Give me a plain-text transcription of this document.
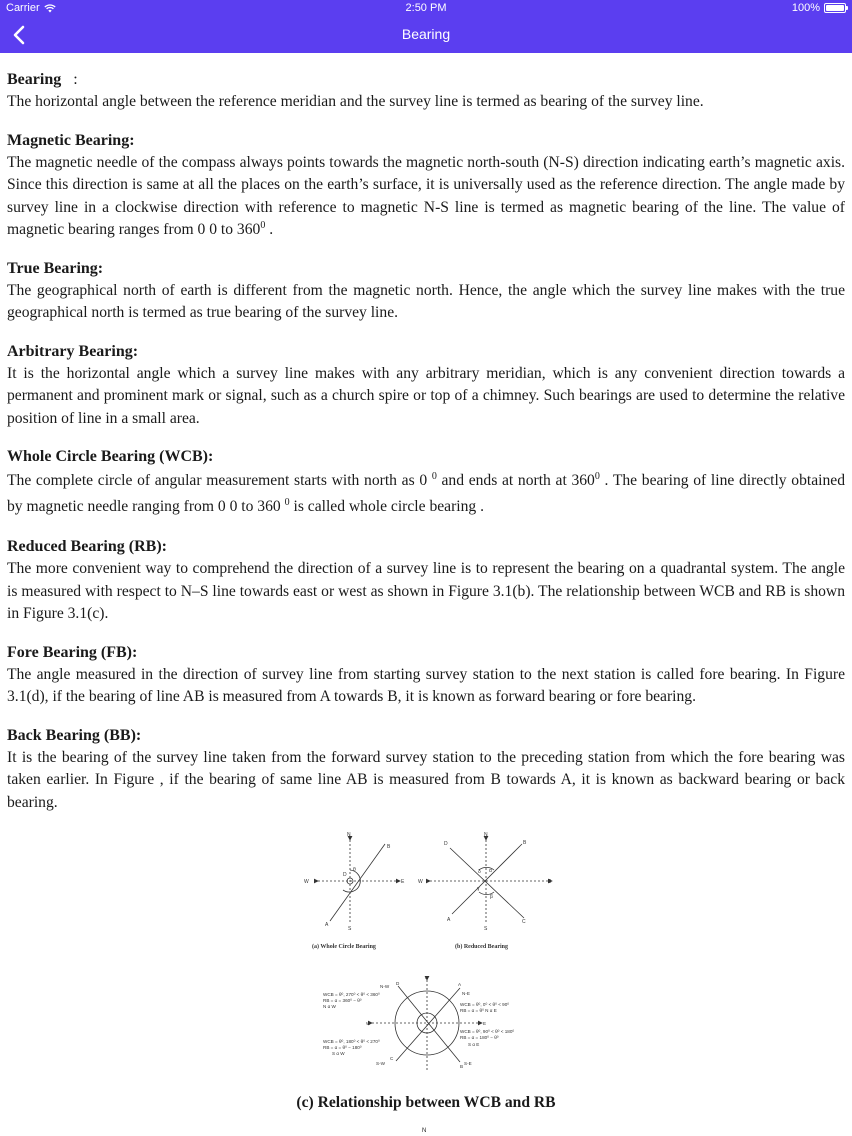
Carrier	2:50 PM	100%
Bearing
Bearing :

The horizontal angle between the reference meridian and the survey line is termed as bearing of the survey line.

Magnetic Bearing:

The magnetic needle of the compass always points towards the magnetic north-south (N-S) direction indicating earth’s magnetic axis. Since this direction is same at all the places on the earth’s surface, it is universally used as the reference direction. The angle made by survey line in a clockwise direction with reference to magnetic N-S line is termed as magnetic bearing of the line. The value of magnetic bearing ranges from 0 0 to $360^0$ .

True Bearing:

The geographical north of earth is different from the magnetic north. Hence, the angle which the survey line makes with the true geographical north is termed as true bearing of the survey line.

Arbitrary Bearing:

It is the horizontal angle which a survey line makes with any arbitrary meridian, which is any convenient direction towards a permanent and prominent mark or signal, such as a church spire or top of a chimney. Such bearings are used to determine the relative position of line in a small area.

Whole Circle Bearing (WCB):

The complete circle of angular measurement starts with north as 0 $^0$ and ends at north at $360^0$ . The bearing of line directly obtained by magnetic needle ranging from 0 0 to 360 $^0$ is called whole circle bearing .

Reduced Bearing (RB):

The more convenient way to comprehend the direction of a survey line is to represent the bearing on a quadrantal system. The angle is measured with respect to N–S line towards east or west as shown in Figure 3.1(b). The relationship between WCB and RB is shown in Figure 3.1(c).

Fore Bearing (FB):

The angle measured in the direction of survey line from starting survey station to the next station is called fore bearing. In Figure 3.1(d), if the bearing of line AB is measured from A towards B, it is known as forward bearing or fore bearing.

Back Bearing (BB):

It is the bearing of the survey line taken from the forward survey station to the preceding station from which the fore bearing was taken earlier. In Figure , if the bearing of same line AB is measured from B towards A, it is known as backward bearing or back bearing.

N
S
W	E
A
B
D
θ
(a) Whole Circle Bearing
N
S
W	E
A
B
C
D
α
β
γ
δ
(b) Reduced Bearing
N
W	E
A
D
B
C
N-W
N-E
S-W	S-E
WCB = θ⁰, 270⁰ < θ⁰ < 360⁰
RB = α = 360⁰ − θ⁰
N α W	WCB = θ⁰, 0⁰ < θ⁰ < 90⁰
RB = α = θ⁰ N α E
WCB = θ⁰, 90⁰ < θ⁰ < 180⁰
RB = α = 180⁰ − θ⁰
S α E
WCB = θ⁰, 180⁰ < θ⁰ < 270⁰
RB = α = θ⁰ − 180⁰
S α W
(c) Relationship between WCB and RB
N
